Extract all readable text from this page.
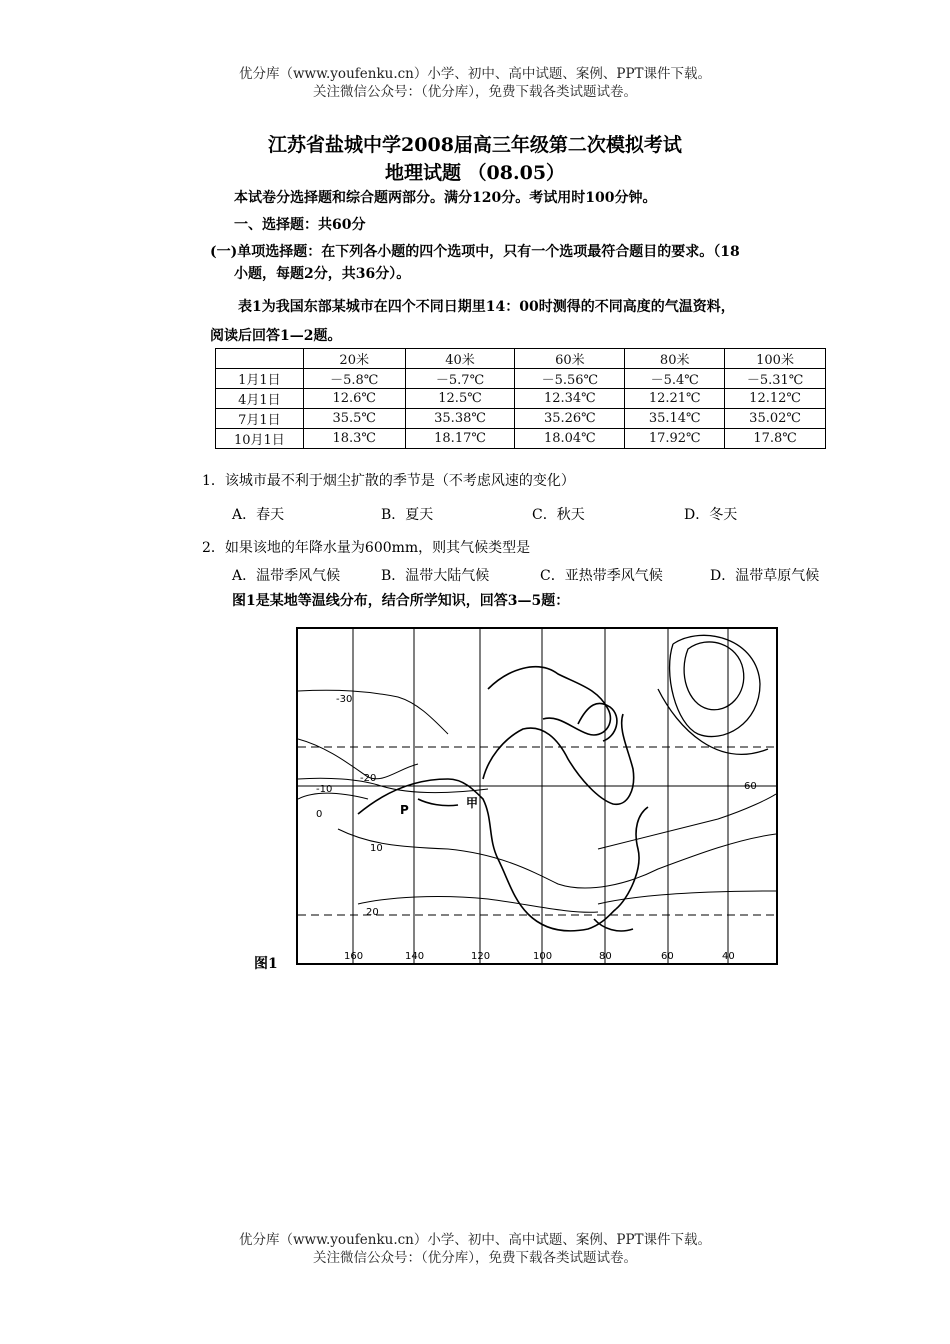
优分库（www.youfenku.cn）小学、初中、高中试题、案例、PPT课件下载。
关注微信公众号：（优分库），免费下载各类试题试卷。
江苏省盐城中学2008届高三年级第二次模拟考试
地理试题 （08.05）
本试卷分选择题和综合题两部分。满分120分。考试用时100分钟。
一、选择题：共60分
(一)单项选择题：在下列各小题的四个选项中，只有一个选项最符合题目的要求。（18
小题，每题2分，共36分）。
表1为我国东部某城市在四个不同日期里14：00时测得的不同高度的气温资料，
阅读后回答1—2题。
	20米	40米	60米	80米	100米
1月1日	－5.8℃	－5.7℃	－5.56℃	－5.4℃	－5.31℃
4月1日	12.6℃	12.5℃	12.34℃	12.21℃	12.12℃
7月1日	35.5℃	35.38℃	35.26℃	35.14℃	35.02℃
10月1日	18.3℃	18.17℃	18.04℃	17.92℃	17.8℃
1．该城市最不利于烟尘扩散的季节是（不考虑风速的变化）
A．春天	B．夏天	C．秋天	D．冬天
2．如果该地的年降水量为600mm，则其气候类型是
A．温带季风气候	B．温带大陆气候	C．亚热带季风气候	D．温带草原气候
图1是某地等温线分布，结合所学知识，回答3—5题：
-30
-20
-10
0
10
20
60
P	甲
160	140	120	100	80	60	40
图1
优分库（www.youfenku.cn）小学、初中、高中试题、案例、PPT课件下载。
关注微信公众号：（优分库），免费下载各类试题试卷。
